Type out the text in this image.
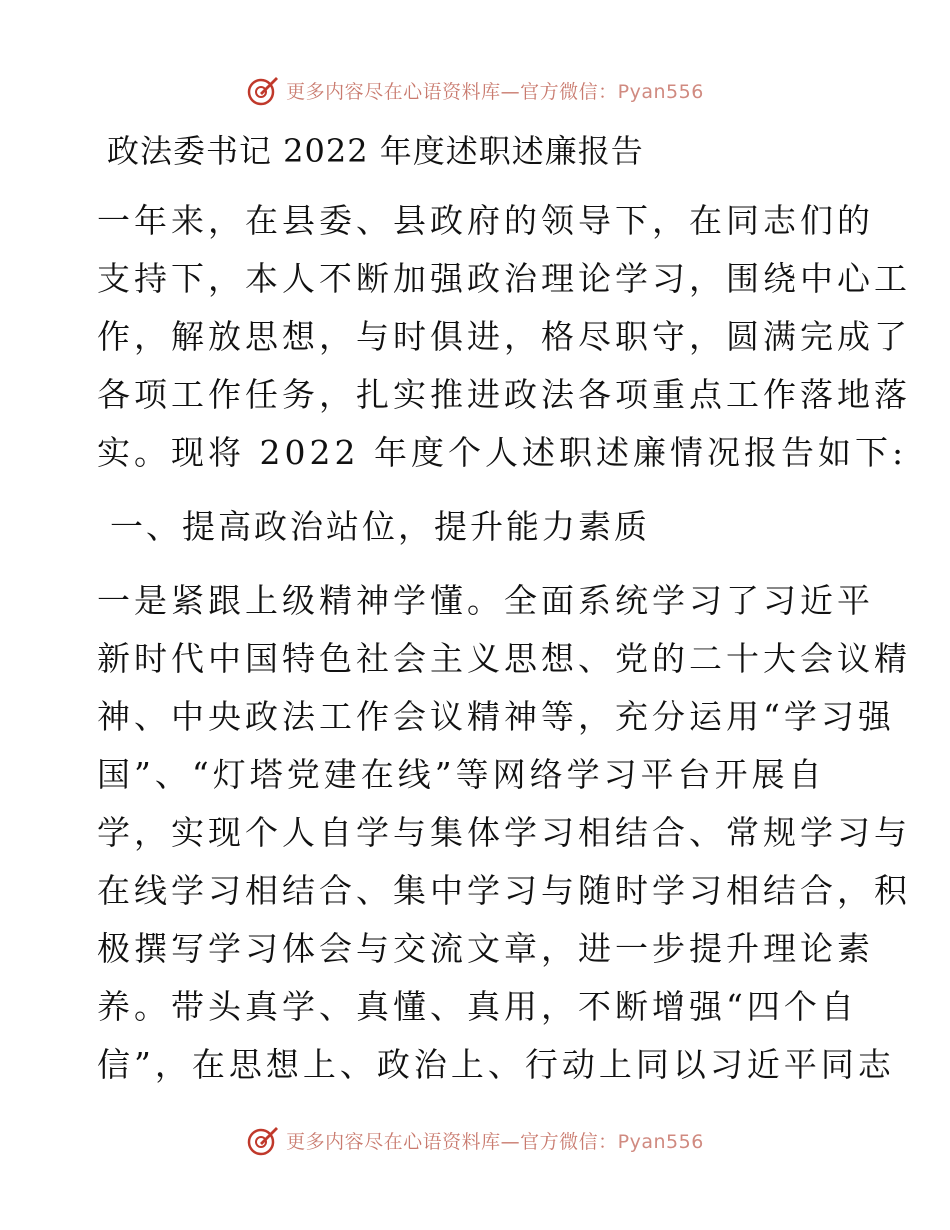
更多内容尽在心语资料库—官方微信：Pyan556
政法委书记 2022 年度述职述廉报告
一年来，在县委、县政府的领导下，在同志们的
支持下，本人不断加强政治理论学习，围绕中心工
作，解放思想，与时俱进，格尽职守，圆满完成了
各项工作任务，扎实推进政法各项重点工作落地落
实。现将 2022 年度个人述职述廉情况报告如下:
一、提高政治站位，提升能力素质
一是紧跟上级精神学懂。全面系统学习了习近平
新时代中国特色社会主义思想、党的二十大会议精
神、中央政法工作会议精神等，充分运用“学习强
国”、“灯塔党建在线”等网络学习平台开展自
学，实现个人自学与集体学习相结合、常规学习与
在线学习相结合、集中学习与随时学习相结合，积
极撰写学习体会与交流文章，进一步提升理论素
养。带头真学、真懂、真用，不断增强“四个自
信”，在思想上、政治上、行动上同以习近平同志
更多内容尽在心语资料库—官方微信：Pyan556
